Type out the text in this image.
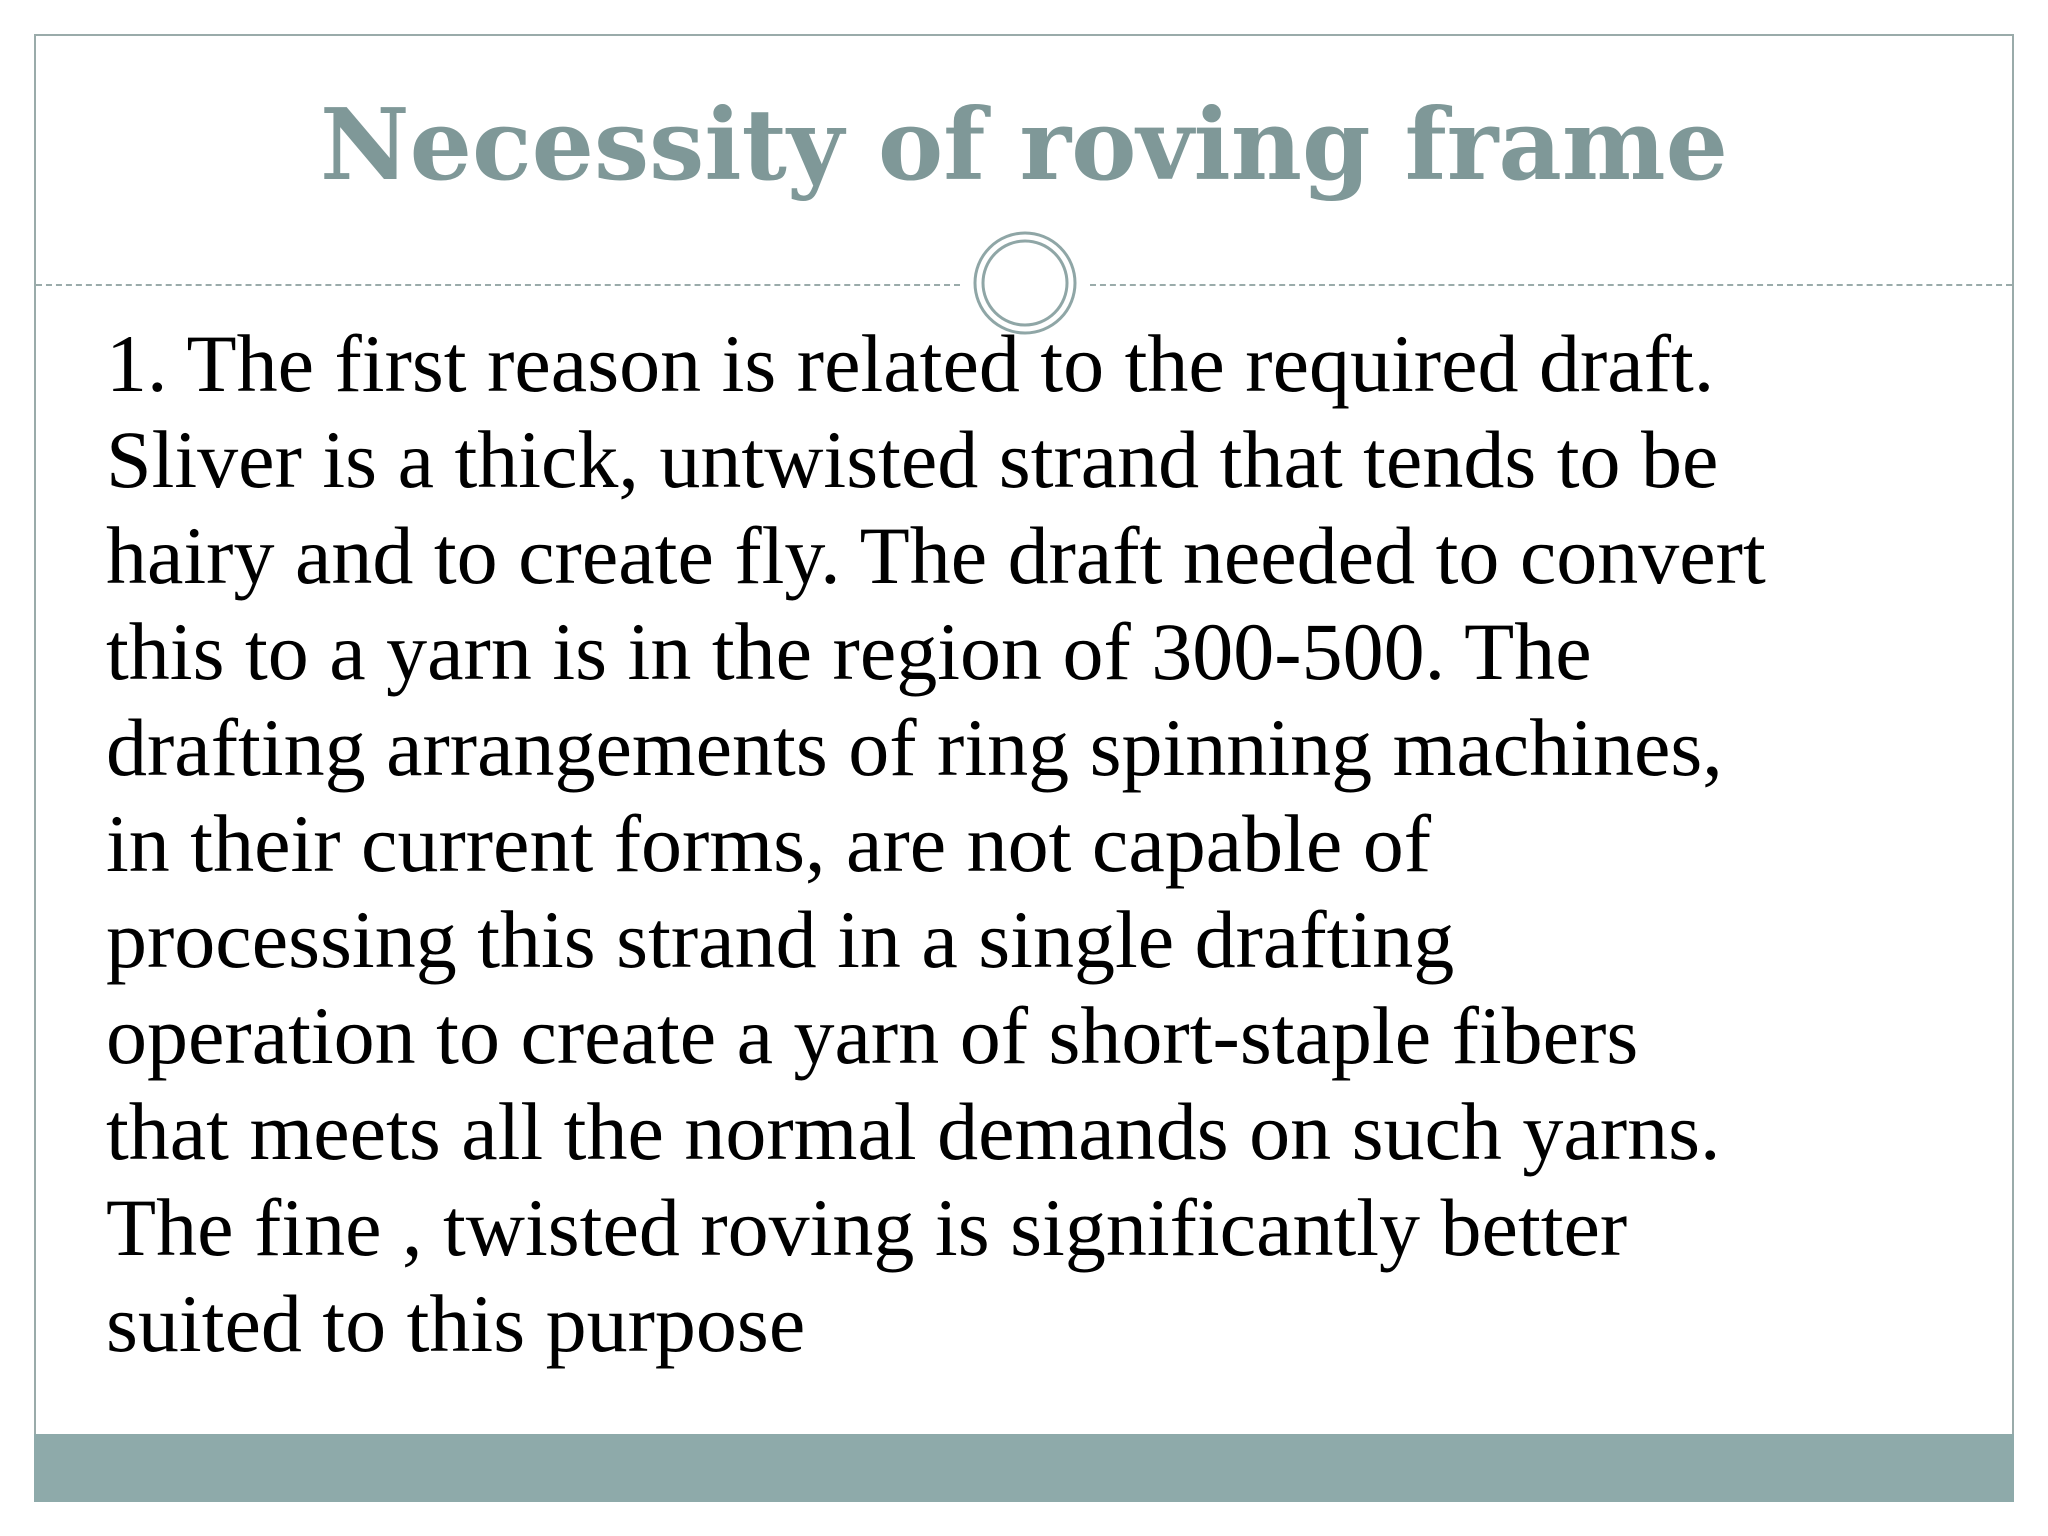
Necessity of roving frame
1. The first reason is related to the required draft.
Sliver is a thick, untwisted strand that tends to be
hairy and to create fly. The draft needed to convert
this to a yarn is in the region of 300-500. The
drafting arrangements of ring spinning machines,
in their current forms, are not capable of
processing this strand in a single drafting
operation to create a yarn of short-staple fibers
that meets all the normal demands on such yarns.
The fine , twisted roving is significantly better
suited to this purpose
